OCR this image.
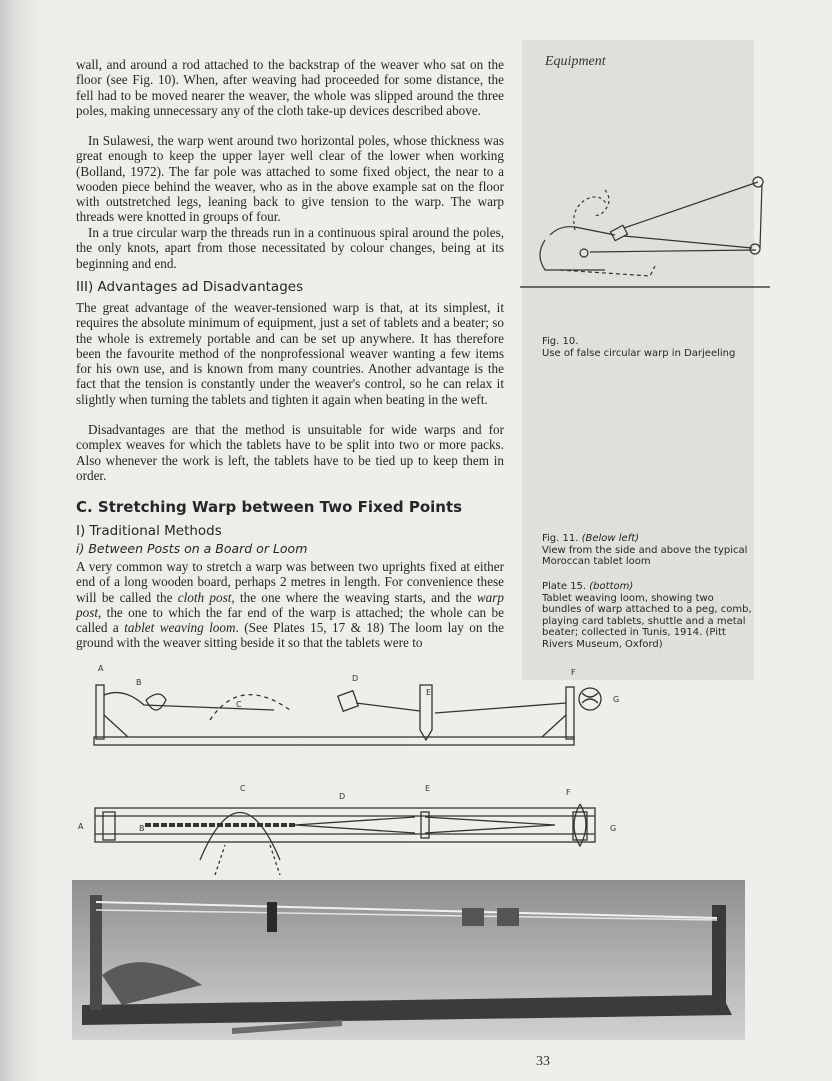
Equipment

wall, and around a rod attached to the backstrap of the weaver who sat on the floor (see Fig. 10). When, after weaving had proceeded for some distance, the fell had to be moved nearer the weaver, the whole was slipped around the three poles, making unnecessary any of the cloth take-up devices described above.

In Sulawesi, the warp went around two horizontal poles, whose thickness was great enough to keep the upper layer well clear of the lower when working (Bolland, 1972). The far pole was attached to some fixed object, the near to a wooden piece behind the weaver, who as in the above example sat on the floor with outstretched legs, leaning back to give tension to the warp. The warp threads were knotted in groups of four.

In a true circular warp the threads run in a continuous spiral around the poles, the only knots, apart from those necessitated by colour changes, being at its beginning and end.

III) Advantages ad Disadvantages

The great advantage of the weaver-tensioned warp is that, at its simplest, it requires the absolute minimum of equipment, just a set of tablets and a beater; so the whole is extremely portable and can be set up anywhere. It has therefore been the favourite method of the nonprofessional weaver wanting a few items for his own use, and is known from many countries. Another advantage is the fact that the tension is constantly under the weaver's control, so he can relax it slightly when turning the tablets and tighten it again when beating in the weft.

Disadvantages are that the method is unsuitable for wide warps and for complex weaves for which the tablets have to be split into two or more packs. Also whenever the work is left, the tablets have to be tied up to keep them in order.

C. Stretching Warp between Two Fixed Points
I) Traditional Methods
i) Between Posts on a Board or Loom

A very common way to stretch a warp was between two uprights fixed at either end of a long wooden board, perhaps 2 metres in length. For convenience these will be called the cloth post, the one where the weaving starts, and the warp post, the one to which the far end of the warp is attached; the whole can be called a tablet weaving loom. (See Plates 15, 17 & 18) The loom lay on the ground with the weaver sitting beside it so that the tablets were to

Fig. 10.
Use of false circular warp in Darjeeling

Fig. 11. (Below left)
View from the side and above the typical Moroccan tablet loom

Plate 15. (bottom)
Tablet weaving loom, showing two bundles of warp attached to a peg, comb, playing card tablets, shuttle and a metal beater; collected in Tunis, 1914. (Pitt Rivers Museum, Oxford)

A
B
C
D
E
F
G
A	B
C
D
E	F
G
33
